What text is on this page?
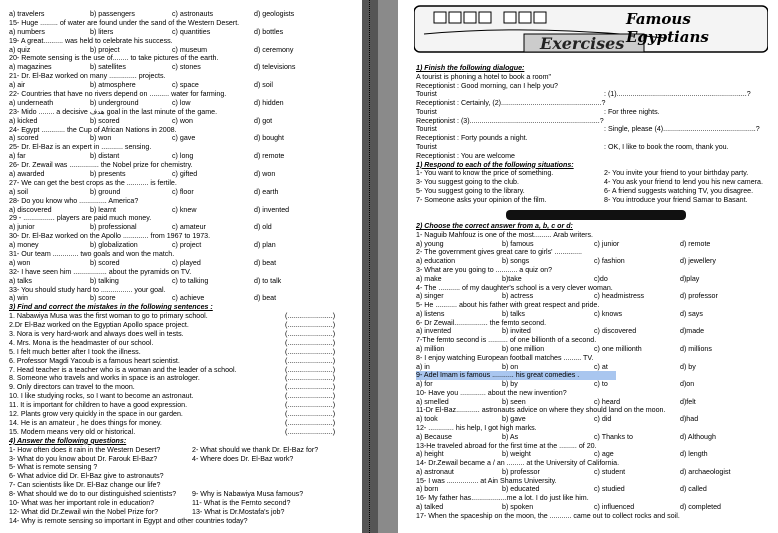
a) travelers	b) passengers	c) astronauts	d) geologists
15- Huge ......... of water are found under the sand of the Western Desert.
a) numbers	b) liters	c) quantities	d) bottles
19- A great.......... was held to celebrate his success.
a) quiz	b) project	c) museum	d) ceremony
20- Remote sensing is the use of........ to take pictures of the earth.
a) magazines	b) satellites	c) stones	d) televisions
21- Dr. El-Baz worked on many .............. projects.
a) air	b) atmosphere	c) space	d) soil
22- Countries that have no rivers depend on .......... water for farming.
a) underneath	b) underground	c) low	d) hidden
23- Mido ........ a decisive ﻫﺪﻑ goal in the last minute of the game.
a) kicked	b) scored	c) won	d) got
24- Egypt ............ the Cup of African Nations in 2008.
a) scored	b) won	c) gave	d) bought
25- Dr. El-Baz is an expert in ........... sensing.
a) far	b) distant	c) long	d) remote
26- Dr. Zewail was ............... the Nobel prize for chemistry.
a) awarded	b) presents	c) gifted	d) won
27- We can get the best crops as the ........... is fertile.
a) soil	b) ground	c) floor	d) earth
28- Do you know who .............. America?
a) discovered	b) learnt	c) knew	d) invented
29 - ................ players are paid much money.
a) junior	b) professional	c) amateur	d) old
30- Dr. El-Baz worked on the Apollo ............. from 1967 to 1973.
a) money	b) globalization	c) project	d) plan
31- Our team ............. two goals and won the match.
a) won	b) scored	c) played	d) beat
32- I have seen him ................. about the pyramids on TV.
a) talks	b) talking	c) to talking	d) to talk
33- You should study hard to ................ your goal.
a) win	b) score	c) achieve	d) beat
3) Find and correct the mistakes in the following sentences :
1. Nabawiya Musa was the first woman to go to primary school.	(.......................)
2.Dr El-Baz worked on the Egyptian Apollo space project.	(.......................)
3. Nora is very hard-work and always does well in tests.	(.......................)
4. Mrs. Mona is the headmaster of our school.	(.......................)
5. I felt much better after I took the illness.	(.......................)
6. Professor Magdi Yacoub is a famous heart scientist.	(.......................)
7. Head teacher is a teacher who is a woman and the leader of a school.	(.......................)
8. Someone who travels and works in space is an astrologer.	(.......................)
9. Only directors can travel to the moon.	(.......................)
10. I like studying rocks, so I want to become an astronaut.	(.......................)
11. It is important for children to have a good expression.	(.......................)
12. Plants grow very quickly in the space in our garden.	(.......................)
14. He is an amateur , he does things for money.	(.......................)
15. Modern means very old or historical.	(.......................)
4) Answer the following questions:
1- How often does it rain in the Western Desert?	2- What should we thank Dr. El-Baz for?
3- What do you know about Dr. Farouk El-Baz?	4- Where does Dr. El-Baz work?
5- What is remote sensing ?
6- What advice did Dr. El-Baz give to astronauts?
7- Can scientists like Dr. El-Baz change our life?
8- What should we do to our distinguished scientists? 9- Why is Nabawiya Musa famous?
10- What was her important role in education?	11- What is the Fernto second?
12- What did Dr.Zewail win the Nobel Prize for?	13- What is Dr.Mostafa's job?
14- Why is remote sensing so important in Egypt and other countries today?
Famous Egyptians
Exercises
1) Finish the following dialogue:
A tourist is phoning a hotel to book a room"
Receptionist : Good morning, can I help you?
Tourist	: (1)..................................................................?
Receptionist : Certainly, (2)...................................................?
Tourist	: For three nights.
Receptionist : (3)..................................................................?
Tourist	: Single, please (4)...............................................?
Receptionist : Forty pounds a night.
Tourist	: OK, I like to book the room, thank you.
Receptionist : You are welcome
1) Respond to each of the following situations:
1- You want to know the price of something.	2- You invite your friend to your birthday party.
3- You suggest going to the club.	4- You ask your friend to lend you his new camera.
5- You suggest going to the library.	6- A friend suggests watching TV, you disagree.
7- Someone asks your opinion of the film.	8- You introduce your friend Samar to Basant.
2) Choose the correct answer from a, b, c or d:
1- Naguib Mahfouz is one of the most......... Arab writers.
a) young	b) famous	c) junior	d) remote
2- The government gives great care to girls' ..............
a) education	b) songs	c) fashion	d) jewellery
3- What are you going to ........... a quiz on?
a) make	b)take	c)do	d)play
4- The ........... of my daughter's school is a very clever woman.
a) singer	b) actress	c) headmistress	d) professor
5- He ........... about his father with great respect and pride.
a) listens	b) talks	c) knows	d) says
6- Dr Zewail................. the femto second.
a) invented	b) invited	c) discovered	d)made
7-The femto second is .......... of one billionth of a second.
a) million	b) one million	c) one millionth	d) millions
8- I enjoy watching European football matches ......... TV.
a) in	b) on	c) at	d) by
9- Adel Imam is famous ........... his great comedies .
a) for	b) by	c) to	d)on
10- Have you ............. about the new invention?
a) smelled	b) seen	c) heard	d)felt
11-Dr El-Baz............ astronauts advice on where they should land on the moon.
a) took	b) gave	c) did	d)had
12- ............. his help, I got high marks.
a) Because	b) As	c) Thanks to	d) Although
13-He traveled abroad for the first time at the ......... of 20.
a) height	b) weight	c) age	d) length
14- Dr.Zewail became a / an ......... at the University of California.
a) astronaut	b) professor	c) student	d) archaeologist
15- I was ................ at Ain Shams University.
a) born	b) educated	c) studied	d) called
16- My father has..................me a lot. I do just like him.
a) talked	b) spoken	c) influenced	d) completed
17- When the spaceship on the moon, the ........... came out to collect rocks and soil.
